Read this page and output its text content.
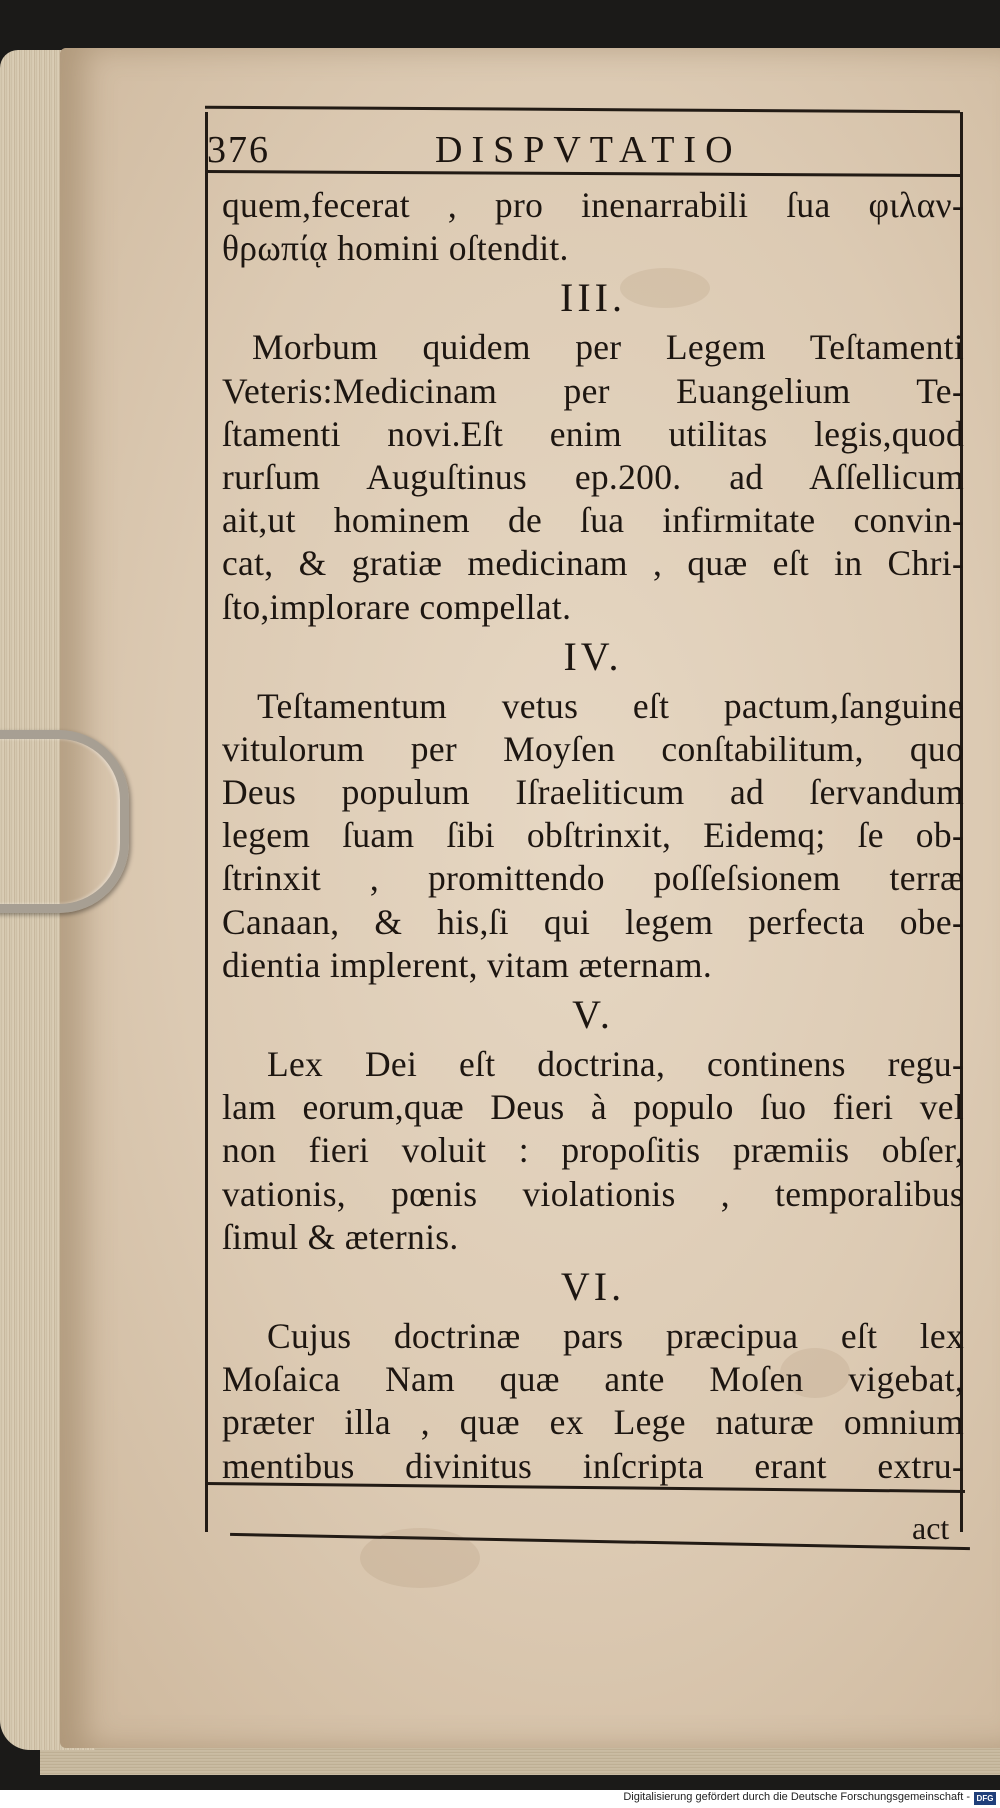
376	DISPVTATIO
quem,fecerat , pro inenarrabili ſua φιλαν-
θρωπίᾳ homini oſtendit.
III.
Morbum quidem per Legem Teſtamenti
Veteris:Medicinam per Euangelium Te-
ſtamenti novi.Eſt enim utilitas legis,quod
rurſum Auguſtinus ep.200. ad Aſſellicum
ait,ut hominem de ſua infirmitate convin-
cat, & gratiæ medicinam , quæ eſt in Chri-
ſto,implorare compellat.
IV.
Teſtamentum vetus eſt pactum,ſanguine
vitulorum per Moyſen conſtabilitum, quo
Deus populum Iſraeliticum ad ſervandum
legem ſuam ſibi obſtrinxit, Eidemq; ſe ob-
ſtrinxit , promittendo poſſeſsionem terræ
Canaan, & his,ſi qui legem perfecta obe-
dientia implerent, vitam æternam.
V.
Lex Dei eſt doctrina, continens regu-
lam eorum,quæ Deus à populo ſuo fieri vel
non fieri voluit : propoſitis præmiis obſer,
vationis, pœnis violationis , temporalibus
ſimul & æternis.
VI.
Cujus doctrinæ pars præcipua eſt lex
Moſaica Nam quæ ante Moſen vigebat,
præter illa , quæ ex Lege naturæ omnium
mentibus divinitus inſcripta erant extru-
act
Digitalisierung gefördert durch die Deutsche Forschungsgemeinschaft - DFG
